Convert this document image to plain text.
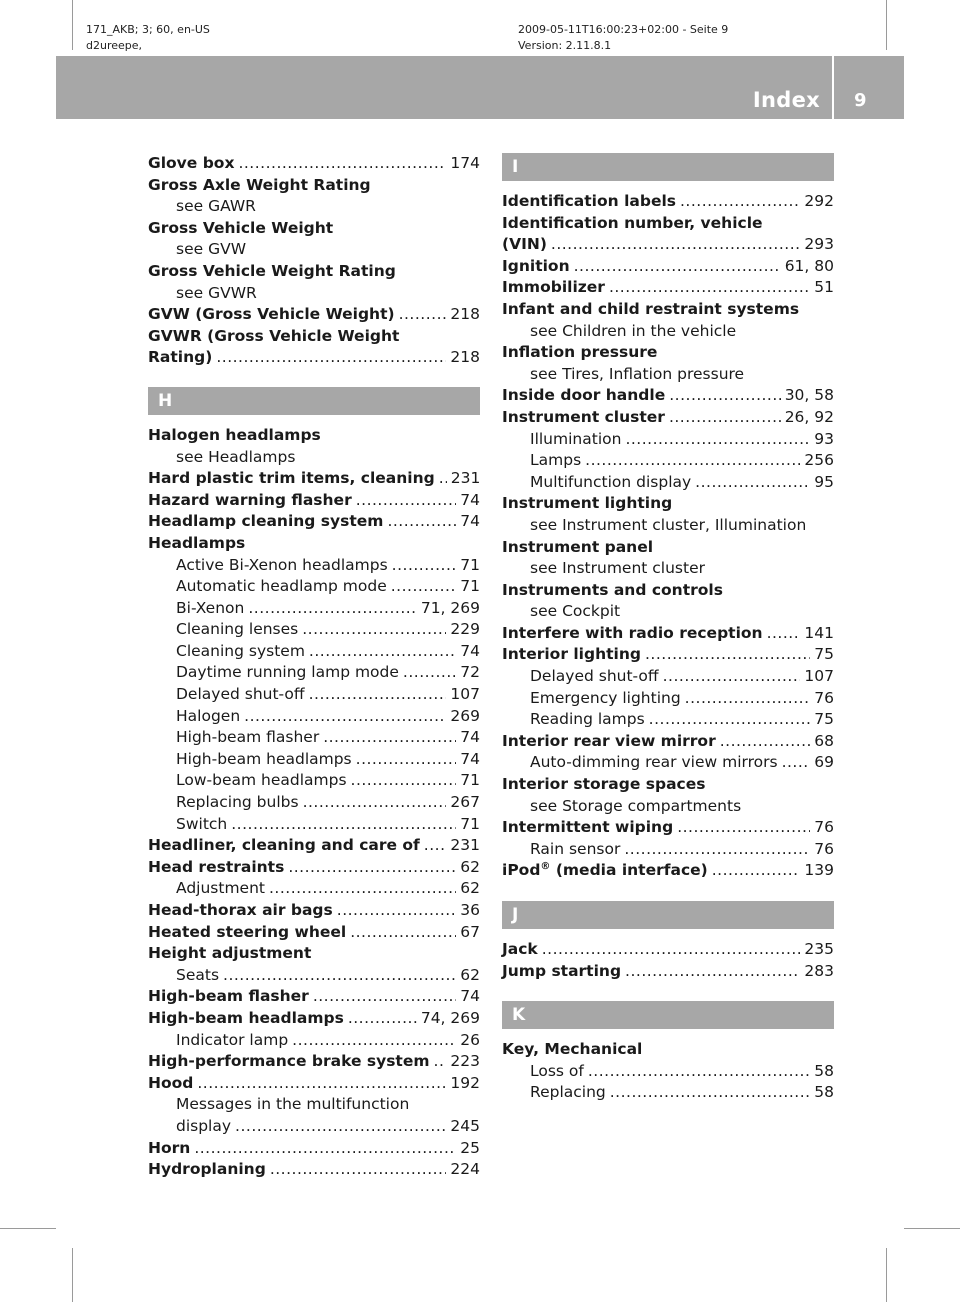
171_AKB; 3; 60, en-US
d2ureepe,
2009-05-11T16:00:23+02:00 - Seite 9
Version: 2.11.8.1
Index 9
Glove box .....	174
Gross Axle Weight Rating
see GAWR
Gross Vehicle Weight
see GVW
Gross Vehicle Weight Rating
see GVWR
GVW (Gross Vehicle Weight) .....	218
GVWR (Gross Vehicle Weight
Rating) .....	218
H
Halogen headlamps
see Headlamps
Hard plastic trim items, cleaning ..... 231
Hazard warning flasher .....	74
Headlamp cleaning system .....	74
Headlamps
Active Bi-Xenon headlamps .....	71
Automatic headlamp mode .....	71
Bi-Xenon .....	71, 269
Cleaning lenses .....	229
Cleaning system .....	74
Daytime running lamp mode .....	72
Delayed shut-off .....	107
Halogen .....	269
High-beam flasher .....	74
High-beam headlamps .....	74
Low-beam headlamps .....	71
Replacing bulbs .....	267
Switch .....	71
Headliner, cleaning and care of ..... 231
Head restraints .....	62
Adjustment .....	62
Head-thorax air bags .....	36
Heated steering wheel .....	67
Height adjustment
Seats .....	62
High-beam flasher .....	74
High-beam headlamps .....	74, 269
Indicator lamp .....	26
High-performance brake system ..... 223
Hood .....	192
Messages in the multifunction
display .....	245
Horn .....	25
Hydroplaning .....	224
I
Identification labels .....	292
Identification number, vehicle
(VIN) .....	293
Ignition .....	61, 80
Immobilizer .....	51
Infant and child restraint systems
see Children in the vehicle
Inflation pressure
see Tires, Inflation pressure
Inside door handle .....	30, 58
Instrument cluster .....	26, 92
Illumination .....	93
Lamps .....	256
Multifunction display .....	95
Instrument lighting
see Instrument cluster, Illumination
Instrument panel
see Instrument cluster
Instruments and controls
see Cockpit
Interfere with radio reception .....	141
Interior lighting .....	75
Delayed shut-off .....	107
Emergency lighting .....	76
Reading lamps .....	75
Interior rear view mirror .....	68
Auto-dimming rear view mirrors ..... 69
Interior storage spaces
see Storage compartments
Intermittent wiping .....	76
Rain sensor .....	76
iPod® (media interface) .....	139
J
Jack .....	235
Jump starting .....	283
K
Key, Mechanical
Loss of .....	58
Replacing .....	58
